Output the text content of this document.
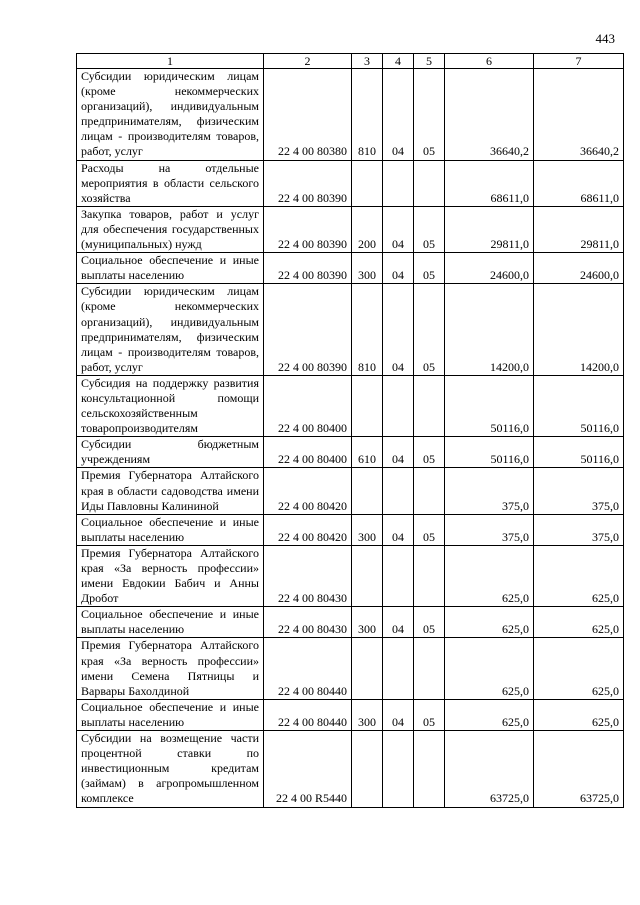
443
1	2	3	4	5	6	7
Субсидии юридическим лицам (кроме некоммерческих организаций), индивидуальным предпринимателям, физическим лицам - производителям товаров, работ, услуг	22 4 00 80380	810	04	05	36640,2	36640,2
Расходы на отдельные мероприятия в области сельского хозяйства	22 4 00 80390				68611,0	68611,0
Закупка товаров, работ и услуг для обеспечения государственных (муниципальных) нужд	22 4 00 80390	200	04	05	29811,0	29811,0
Социальное обеспечение и иные выплаты населению	22 4 00 80390	300	04	05	24600,0	24600,0
Субсидии юридическим лицам (кроме некоммерческих организаций), индивидуальным предпринимателям, физическим лицам - производителям товаров, работ, услуг	22 4 00 80390	810	04	05	14200,0	14200,0
Субсидия на поддержку развития консультационной помощи сельскохозяйственным товаропроизводителям	22 4 00 80400				50116,0	50116,0
Субсидии бюджетным учреждениям	22 4 00 80400	610	04	05	50116,0	50116,0
Премия Губернатора Алтайского края в области садоводства имени Иды Павловны Калининой	22 4 00 80420				375,0	375,0
Социальное обеспечение и иные выплаты населению	22 4 00 80420	300	04	05	375,0	375,0
Премия Губернатора Алтайского края «За верность профессии» имени Евдокии Бабич и Анны Дробот	22 4 00 80430				625,0	625,0
Социальное обеспечение и иные выплаты населению	22 4 00 80430	300	04	05	625,0	625,0
Премия Губернатора Алтайского края «За верность профессии» имени Семена Пятницы и Варвары Бахолдиной	22 4 00 80440				625,0	625,0
Социальное обеспечение и иные выплаты населению	22 4 00 80440	300	04	05	625,0	625,0
Субсидии на возмещение части процентной ставки по инвестиционным кредитам (займам) в агропромышленном комплексе	22 4 00 R5440				63725,0	63725,0
